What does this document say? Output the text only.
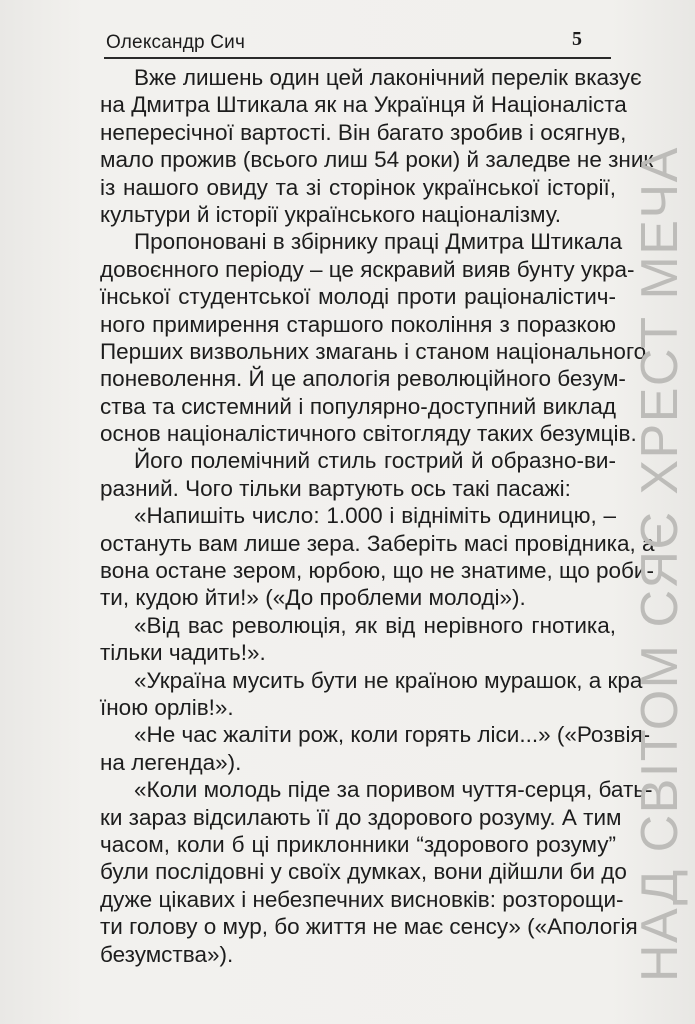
Олександр Сич	5
Вже лишень один цей лаконічний перелік вказує
на Дмитра Штикала як на Українця й Націоналіста
непересічної вартості. Він багато зробив і осягнув,
мало прожив (всього лиш 54 роки) й заледве не зник
із нашого овиду та зі сторінок української історії,
культури й історії українського націоналізму.
Пропоновані в збірнику праці Дмитра Штикала
довоєнного періоду – це яскравий вияв бунту укра-
їнської студентської молоді проти раціоналістич-
ного примирення старшого покоління з поразкою
Перших визвольних змагань і станом національного
поневолення. Й це апологія революційного безум-
ства та системний і популярно-доступний виклад
основ націоналістичного світогляду таких безумців.
Його полемічний стиль гострий й образно-ви-
разний. Чого тільки вартують ось такі пасажі:
«Напишіть число: 1.000 і відніміть одиницю, –
остануть вам лише зера. Заберіть масі провідника, а
вона остане зером, юрбою, що не знатиме, що роби-
ти, кудою йти!» («До проблеми молоді»).
«Від вас революція, як від нерівного гнотика,
тільки чадить!».
«Україна мусить бути не країною мурашок, а кра-
їною орлів!».
«Не час жаліти рож, коли горять ліси...» («Розвія-
на легенда»).
«Коли молодь піде за поривом чуття-серця, бать-
ки зараз відсилають її до здорового розуму. А тим
часом, коли б ці приклонники “здорового розуму”
були послідовні у своїх думках, вони дійшли би до
дуже цікавих і небезпечних висновків: розторощи-
ти голову о мур, бо життя не має сенсу» («Апологія
безумства»).	НАД СВІТОМ СЯЄ ХРЕСТ МЕЧА
